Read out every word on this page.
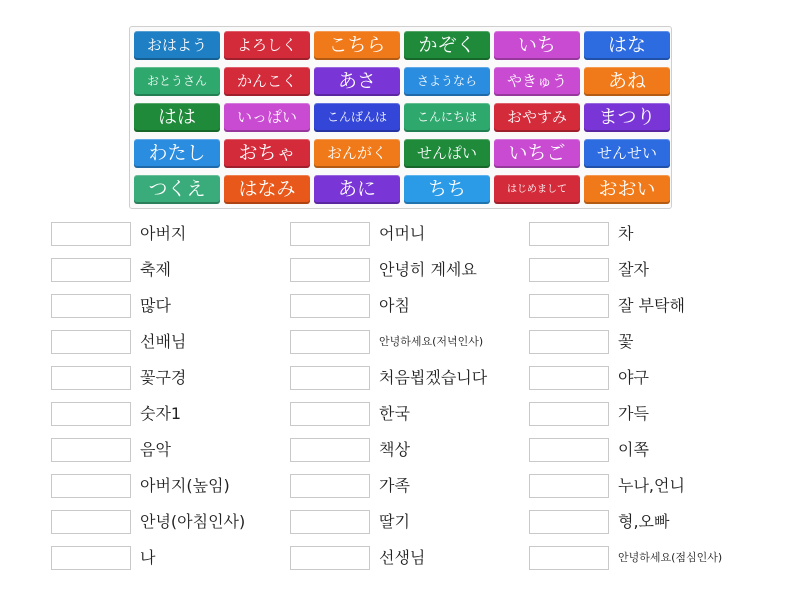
おはよう	よろしく	こちら	かぞく	いち	はな
おとうさん	かんこく	あさ	さようなら	やきゅう	あね
はは	いっぱい	こんばんは	こんにちは	おやすみ	まつり
わたし	おちゃ	おんがく	せんぱい	いちご	せんせい
つくえ	はなみ	あに	ちち	はじめまして	おおい
아버지
축제
많다
선배님
꽃구경
숫자1
음악
아버지(높임)
안녕(아침인사)
나
어머니
안녕히 계세요
아침
안녕하세요(저녁인사)
처음뵙겠습니다
한국
책상
가족
딸기
선생님
차
잘자
잘 부탁해
꽃
야구
가득
이쪽
누나,언니
형,오빠
안녕하세요(점심인사)
